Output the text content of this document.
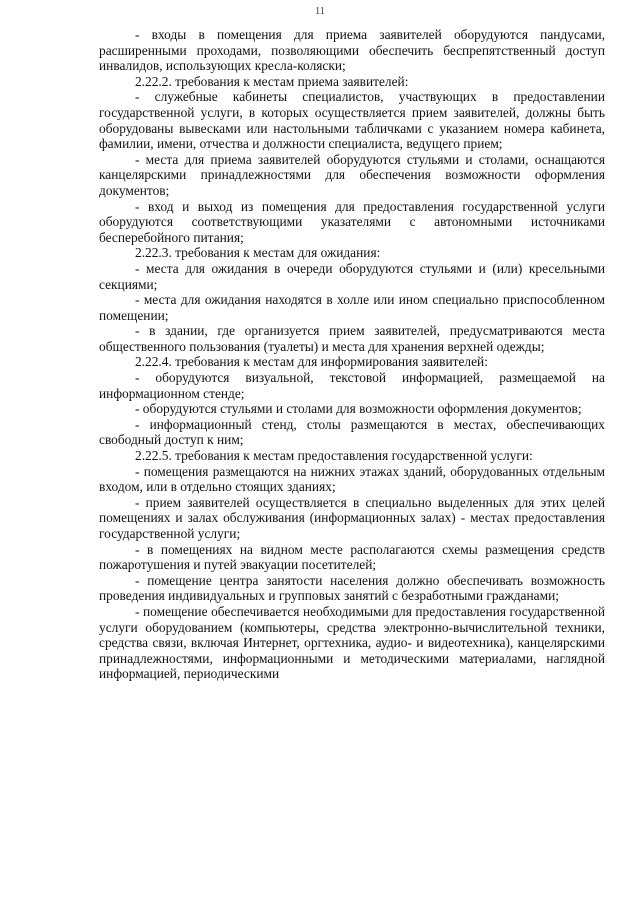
11

- входы в помещения для приема заявителей оборудуются пандусами, расширенными проходами, позволяющими обеспечить беспрепятственный доступ инвалидов, использующих кресла-коляски;

2.22.2. требования к местам приема заявителей:

- служебные кабинеты специалистов, участвующих в предоставлении государственной услуги, в которых осуществляется прием заявителей, должны быть оборудованы вывесками или настольными табличками с указанием номера кабинета, фамилии, имени, отчества и должности специалиста, ведущего прием;

- места для приема заявителей оборудуются стульями и столами, оснащаются канцелярскими принадлежностями для обеспечения возможности оформления документов;

- вход и выход из помещения для предоставления государственной услуги оборудуются соответствующими указателями с автономными источниками бесперебойного питания;

2.22.3. требования к местам для ожидания:

- места для ожидания в очереди оборудуются стульями и (или) кресельными секциями;

- места для ожидания находятся в холле или ином специально приспособленном помещении;

- в здании, где организуется прием заявителей, предусматриваются места общественного пользования (туалеты) и места для хранения верхней одежды;

2.22.4. требования к местам для информирования заявителей:

- оборудуются визуальной, текстовой информацией, размещаемой на информационном стенде;

- оборудуются стульями и столами для возможности оформления документов;

- информационный стенд, столы размещаются в местах, обеспечивающих свободный доступ к ним;

2.22.5. требования к местам предоставления государственной услуги:

- помещения размещаются на нижних этажах зданий, оборудованных отдельным входом, или в отдельно стоящих зданиях;

- прием заявителей осуществляется в специально выделенных для этих целей помещениях и залах обслуживания (информационных залах) - местах предоставления государственной услуги;

- в помещениях на видном месте располагаются схемы размещения средств пожаротушения и путей эвакуации посетителей;

- помещение центра занятости населения должно обеспечивать возможность проведения индивидуальных и групповых занятий с безработными гражданами;

- помещение обеспечивается необходимыми для предоставления государственной услуги оборудованием (компьютеры, средства электронно-вычислительной техники, средства связи, включая Интернет, оргтехника, аудио- и видеотехника), канцелярскими принадлежностями, информационными и методическими материалами, наглядной информацией, периодическими
